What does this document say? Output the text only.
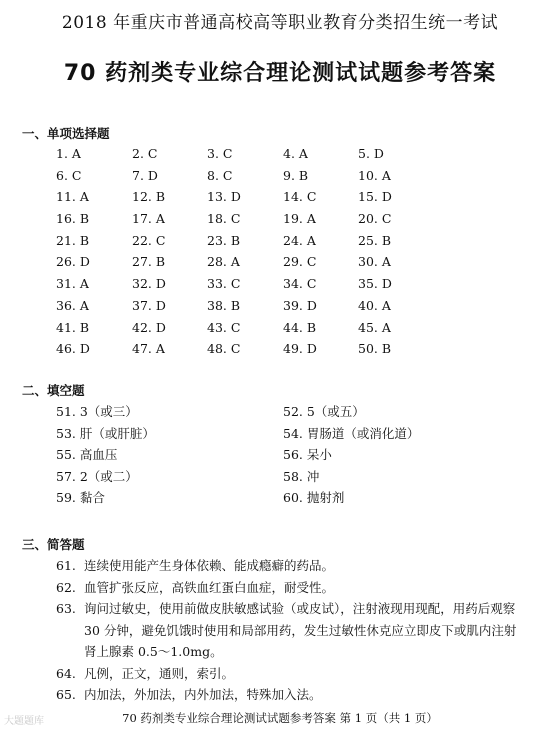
2018 年重庆市普通高校高等职业教育分类招生统一考试
70 药剂类专业综合理论测试试题参考答案
一、单项选择题
1. A	2. C	3. C	4. A	5. D
6. C	7. D	8. C	9. B	10. A
11. A	12. B	13. D	14. C	15. D
16. B	17. A	18. C	19. A	20. C
21. B	22. C	23. B	24. A	25. B
26. D	27. B	28. A	29. C	30. A
31. A	32. D	33. C	34. C	35. D
36. A	37. D	38. B	39. D	40. A
41. B	42. D	43. C	44. B	45. A
46. D	47. A	48. C	49. D	50. B
二、填空题
51. 3（或三）	52. 5（或五）
53. 肝（或肝脏）	54. 胃肠道（或消化道）
55. 高血压	56. 呆小
57. 2（或二）	58. 冲
59. 黏合	60. 抛射剂
三、简答题
61. 连续使用能产生身体依赖、能成瘾癖的药品。
62. 血管扩张反应，高铁血红蛋白血症，耐受性。
63. 询问过敏史，使用前做皮肤敏感试验（或皮试），注射液现用现配，用药后观察30 分钟，避免饥饿时使用和局部用药，发生过敏性休克应立即皮下或肌内注射肾上腺素 0.5～1.0mg。
64. 凡例，正文，通则，索引。
65. 内加法，外加法，内外加法，特殊加入法。
70 药剂类专业综合理论测试试题参考答案 第 1 页（共 1 页）
大题题库
